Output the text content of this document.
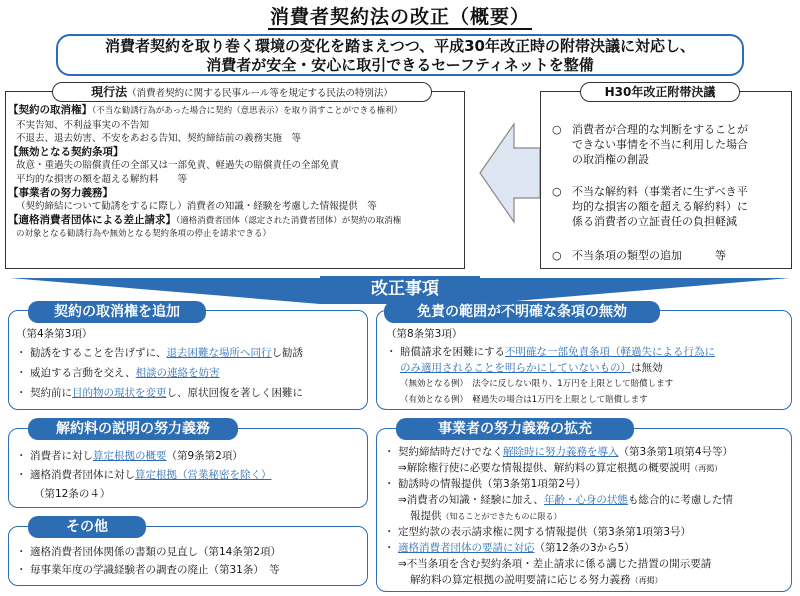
消費者契約法の改正（概要）
消費者契約を取り巻く環境の変化を踏まえつつ、平成30年改正時の附帯決議に対応し、
消費者が安全・安心に取引できるセーフティネットを整備
現行法（消費者契約に関する民事ルール等を規定する民法の特別法）
【契約の取消権】（不当な勧誘行為があった場合に契約（意思表示）を取り消すことができる権利）
不実告知、不利益事実の不告知
不退去、退去妨害、不安をあおる告知、契約締結前の義務実施　等
【無効となる契約条項】
故意・重過失の賠償責任の全部又は一部免責、軽過失の賠償責任の全部免責
平均的な損害の額を超える解約料　　等
【事業者の努力義務】
（契約締結について勧誘をするに際し）消費者の知識・経験を考慮した情報提供　等
【適格消費者団体による差止請求】（適格消費者団体（認定された消費者団体）が契約の取消権
の対象となる勧誘行為や無効となる契約条項の停止を請求できる）
H30年改正附帯決議
○ 消費者が合理的な判断をすることが
できない事情を不当に利用した場合
の取消権の創設
○ 不当な解約料（事業者に生ずべき平
均的な損害の額を超える解約料）に
係る消費者の立証責任の負担軽減
○ 不当条項の類型の追加　　　等
改正事項
契約の取消権を追加
（第4条第3項）
・ 勧誘をすることを告げずに、退去困難な場所へ同行し勧誘
・ 威迫する言動を交え、相談の連絡を妨害
・ 契約前に目的物の現状を変更し、原状回復を著しく困難に
免責の範囲が不明確な条項の無効
（第8条第3項）
・ 賠償請求を困難にする不明確な一部免責条項（軽過失による行為に
のみ適用されることを明らかにしていないもの）は無効
（無効となる例）　法令に反しない限り、1万円を上限として賠償します
（有効となる例）　軽過失の場合は1万円を上限として賠償します
解約料の説明の努力義務
・ 消費者に対し算定根拠の概要（第9条第2項）
・ 適格消費者団体に対し算定根拠（営業秘密を除く）
（第12条の４）
事業者の努力義務の拡充
・ 契約締結時だけでなく解除時に努力義務を導入（第3条第1項第4号等）
⇒解除権行使に必要な情報提供、解約料の算定根拠の概要説明（再掲）
・ 勧誘時の情報提供（第3条第1項第2号）
⇒消費者の知識・経験に加え、年齢・心身の状態も総合的に考慮した情
報提供（知ることができたものに限る）
・ 定型約款の表示請求権に関する情報提供（第3条第1項第3号）
・ 適格消費者団体の要請に対応（第12条の3から5）
⇒不当条項を含む契約条項・差止請求に係る講じた措置の開示要請
解約料の算定根拠の説明要請に応じる努力義務（再掲）
その他
・ 適格消費者団体関係の書類の見直し（第14条第2項）
・ 毎事業年度の学識経験者の調査の廃止（第31条）　等
